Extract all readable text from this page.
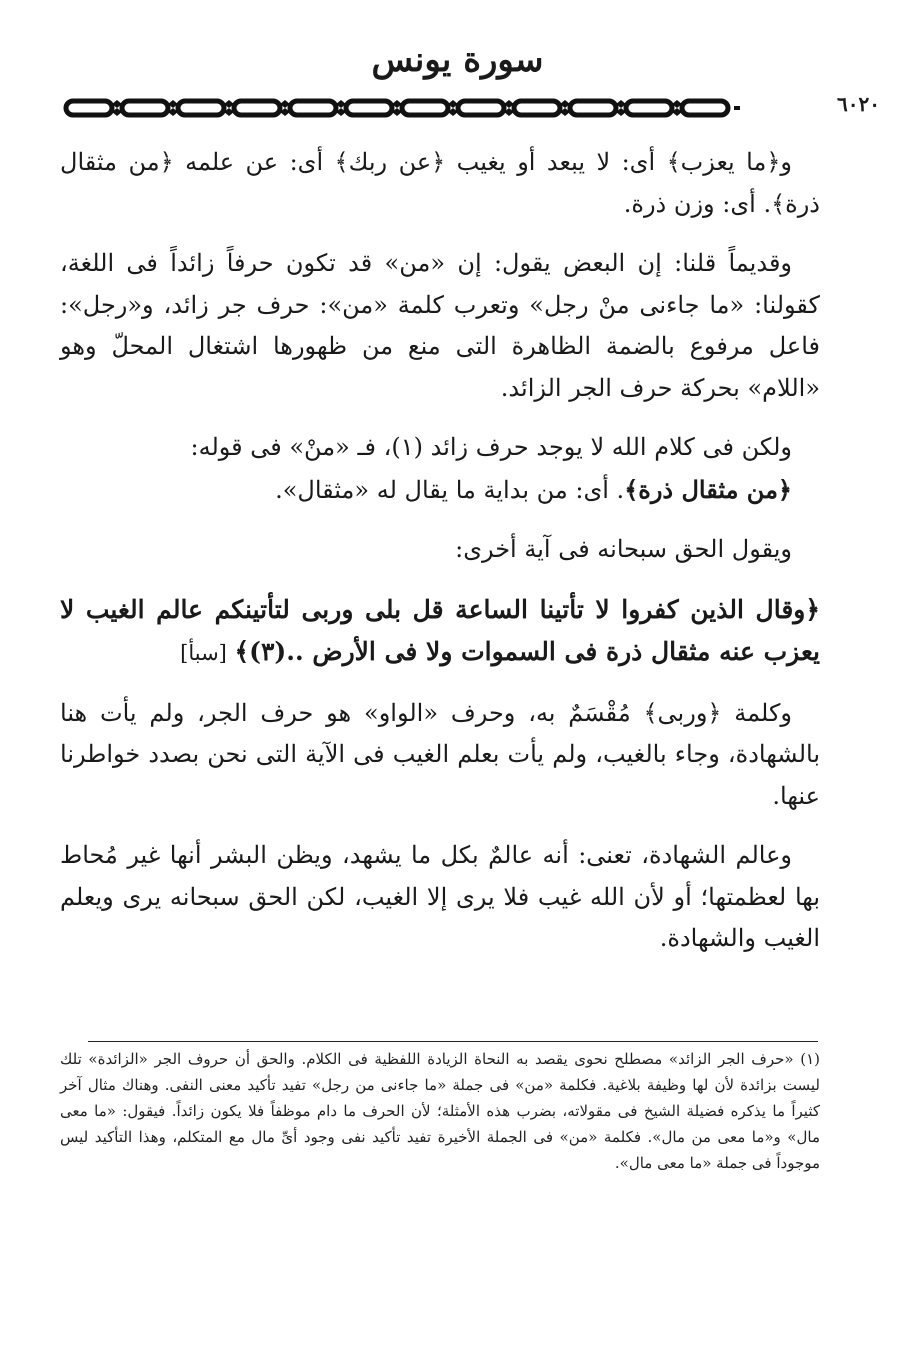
سورة يونس
٦٠٢٠

و﴿ما يعزب﴾ أى: لا يبعد أو يغيب ﴿عن ربك﴾ أى: عن علمه ﴿من مثقال ذرة﴾. أى: وزن ذرة.

وقديماً قلنا: إن البعض يقول: إن «من» قد تكون حرفاً زائداً فى اللغة، كقولنا: «ما جاءنى منْ رجل» وتعرب كلمة «من»: حرف جر زائد، و«رجل»: فاعل مرفوع بالضمة الظاهرة التى منع من ظهورها اشتغال المحلّ وهو «اللام» بحركة حرف الجر الزائد.

ولكن فى كلام الله لا يوجد حرف زائد (١)، فـ «منْ» فى قوله:

﴿من مثقال ذرة﴾. أى: من بداية ما يقال له «مثقال».

ويقول الحق سبحانه فى آية أخرى:

﴿وقال الذين كفروا لا تأتينا الساعة قل بلى وربى لتأتينكم عالم الغيب لا يعزب عنه مثقال ذرة فى السموات ولا فى الأرض ..(٣)﴾ [سبأ]

وكلمة ﴿وربى﴾ مُقْسَمٌ به، وحرف «الواو» هو حرف الجر، ولم يأت هنا بالشهادة، وجاء بالغيب، ولم يأت بعلم الغيب فى الآية التى نحن بصدد خواطرنا عنها.

وعالم الشهادة، تعنى: أنه عالمٌ بكل ما يشهد، ويظن البشر أنها غير مُحاط بها لعظمتها؛ أو لأن الله غيب فلا يرى إلا الغيب، لكن الحق سبحانه يرى ويعلم الغيب والشهادة.

(١) «حرف الجر الزائد» مصطلح نحوى يقصد به النحاة الزيادة اللفظية فى الكلام. والحق أن حروف الجر «الزائدة» تلك ليست بزائدة لأن لها وظيفة بلاغية. فكلمة «من» فى جملة «ما جاءنى من رجل» تفيد تأكيد معنى النفى. وهناك مثال آخر كثيراً ما يذكره فضيلة الشيخ فى مقولاته، بضرب هذه الأمثلة؛ لأن الحرف ما دام موظفاً فلا يكون زائداً. فيقول: «ما معى مال» و«ما معى من مال». فكلمة «من» فى الجملة الأخيرة تفيد تأكيد نفى وجود أىِّ مال مع المتكلم، وهذا التأكيد ليس موجوداً فى جملة «ما معى مال».
